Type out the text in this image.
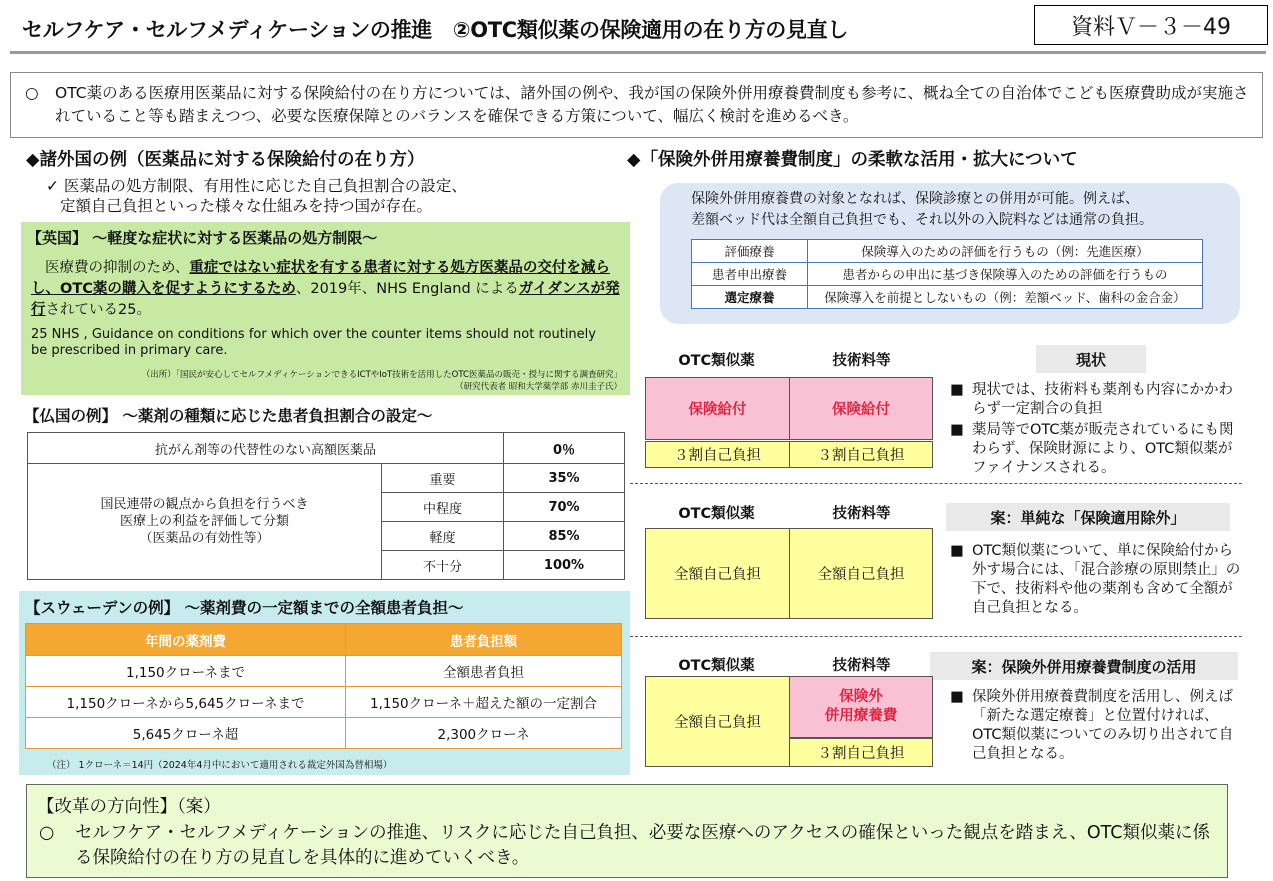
セルフケア・セルフメディケーションの推進　②OTC類似薬の保険適用の在り方の見直し	資料Ｖ－３－49
○ OTC薬のある医療用医薬品に対する保険給付の在り方については、諸外国の例や、我が国の保険外併用療養費制度も参考に、概ね全ての自治体でこども医療費助成が実施されていること等も踏まえつつ、必要な医療保障とのバランスを確保できる方策について、幅広く検討を進めるべき。
◆諸外国の例（医薬品に対する保険給付の在り方）
✓ 医薬品の処方制限、有用性に応じた自己負担割合の設定、
定額自己負担といった様々な仕組みを持つ国が存在。
【英国】 ～軽度な症状に対する医薬品の処方制限～
医療費の抑制のため、重症ではない症状を有する患者に対する処方医薬品の交付を減らし、OTC薬の購入を促すようにするため、2019年、NHS England によるガイダンスが発行されている25。
25 NHS , Guidance on conditions for which over the counter items should not routinely be prescribed in primary care.
（出所）「国民が安心してセルフメディケーションできるICTやIoT技術を活用したOTC医薬品の販売・授与に関する調査研究」
（研究代表者 昭和大学薬学部 赤川圭子氏）
【仏国の例】 ～薬剤の種類に応じた患者負担割合の設定～
抗がん剤等の代替性のない高額医薬品		0％
国民連帯の観点から負担を行うべき
医療上の利益を評価して分類
（医薬品の有効性等）	重要	35%
	中程度	70%
	軽度	85%
	不十分	100%
【スウェーデンの例】 ～薬剤費の一定額までの全額患者負担～
年間の薬剤費	患者負担額
1,150クローネまで	全額患者負担
1,150クローネから5,645クローネまで	1,150クローネ＋超えた額の一定割合
5,645クローネ超	2,300クローネ
（注） 1クローネ＝14円（2024年4月中において適用される裁定外国為替相場）
◆「保険外併用療養費制度」の柔軟な活用・拡大について
保険外併用療養費の対象となれば、保険診療との併用が可能。例えば、
差額ベッド代は全額自己負担でも、それ以外の入院料などは通常の負担。
評価療養	保険導入のための評価を行うもの（例：先進医療）
患者申出療養	患者からの申出に基づき保険導入のための評価を行うもの
選定療養	保険導入を前提としないもの（例：差額ベッド、歯科の金合金）
OTC類似薬	技術料等	現状
保険給付	保険給付
３割自己負担	３割自己負担
■ 現状では、技術料も薬剤も内容にかかわらず一定割合の負担
■ 薬局等でOTC薬が販売されているにも関わらず、保険財源により、OTC類似薬がファイナンスされる。
OTC類似薬	技術料等	案：単純な「保険適用除外」
全額自己負担	全額自己負担
■ OTC類似薬について、単に保険給付から外す場合には、「混合診療の原則禁止」の下で、技術料や他の薬剤も含めて全額が自己負担となる。
OTC類似薬	技術料等	案：保険外併用療養費制度の活用
全額自己負担
保険外
併用療養費
３割自己負担
■ 保険外併用療養費制度を活用し、例えば「新たな選定療養」と位置付ければ、OTC類似薬についてのみ切り出されて自己負担となる。
【改革の方向性】（案）
○ セルフケア・セルフメディケーションの推進、リスクに応じた自己負担、必要な医療へのアクセスの確保といった観点を踏まえ、OTC類似薬に係る保険給付の在り方の見直しを具体的に進めていくべき。
